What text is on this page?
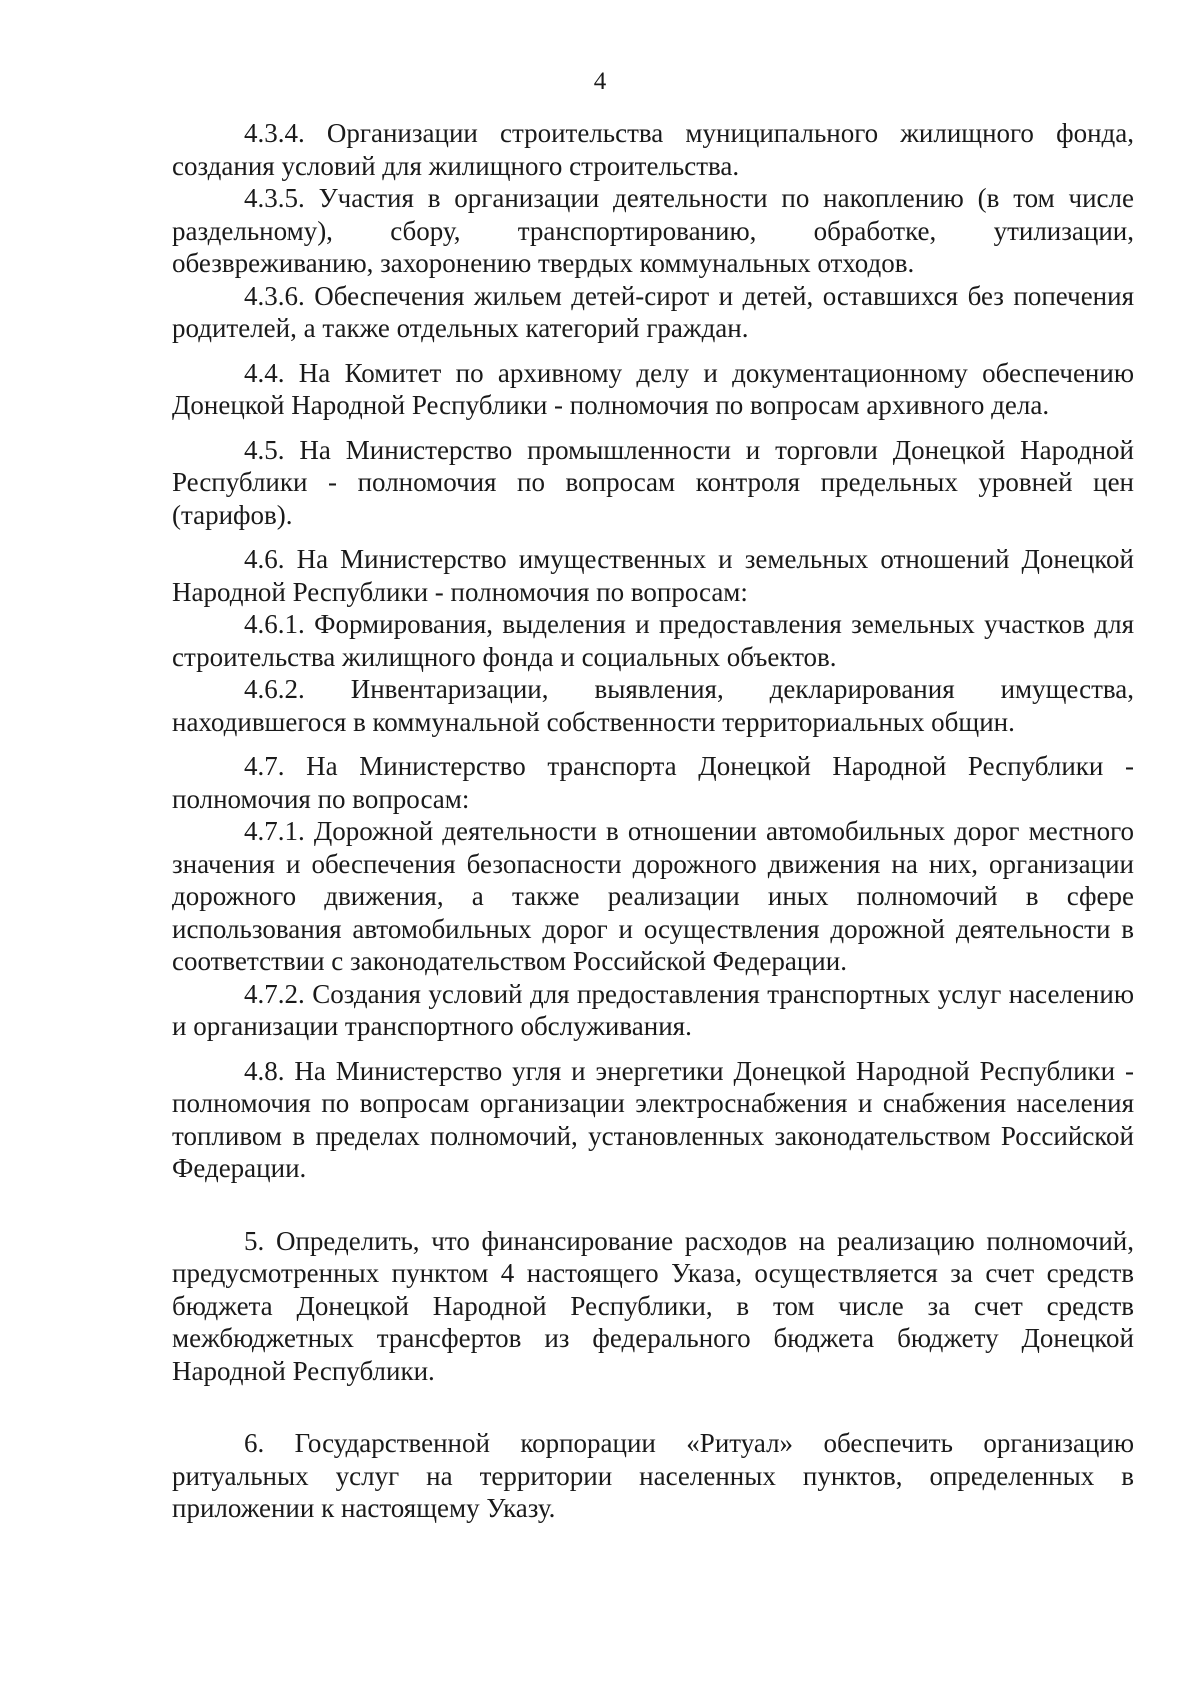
4

4.3.4. Организации строительства муниципального жилищного фонда, создания условий для жилищного строительства.

4.3.5. Участия в организации деятельности по накоплению (в том числе раздельному), сбору, транспортированию, обработке, утилизации, обезвреживанию, захоронению твердых коммунальных отходов.

4.3.6. Обеспечения жильем детей-сирот и детей, оставшихся без попечения родителей, а также отдельных категорий граждан.

4.4. На Комитет по архивному делу и документационному обеспечению Донецкой Народной Республики - полномочия по вопросам архивного дела.

4.5. На Министерство промышленности и торговли Донецкой Народной Республики - полномочия по вопросам контроля предельных уровней цен (тарифов).

4.6. На Министерство имущественных и земельных отношений Донецкой Народной Республики - полномочия по вопросам:

4.6.1. Формирования, выделения и предоставления земельных участков для строительства жилищного фонда и социальных объектов.

4.6.2. Инвентаризации, выявления, декларирования имущества, находившегося в коммунальной собственности территориальных общин.

4.7. На Министерство транспорта Донецкой Народной Республики - полномочия по вопросам:

4.7.1. Дорожной деятельности в отношении автомобильных дорог местного значения и обеспечения безопасности дорожного движения на них, организации дорожного движения, а также реализации иных полномочий в сфере использования автомобильных дорог и осуществления дорожной деятельности в соответствии с законодательством Российской Федерации.

4.7.2. Создания условий для предоставления транспортных услуг населению и организации транспортного обслуживания.

4.8. На Министерство угля и энергетики Донецкой Народной Республики - полномочия по вопросам организации электроснабжения и снабжения населения топливом в пределах полномочий, установленных законодательством Российской Федерации.

5. Определить, что финансирование расходов на реализацию полномочий, предусмотренных пунктом 4 настоящего Указа, осуществляется за счет средств бюджета Донецкой Народной Республики, в том числе за счет средств межбюджетных трансфертов из федерального бюджета бюджету Донецкой Народной Республики.

6. Государственной корпорации «Ритуал» обеспечить организацию ритуальных услуг на территории населенных пунктов, определенных в приложении к настоящему Указу.
